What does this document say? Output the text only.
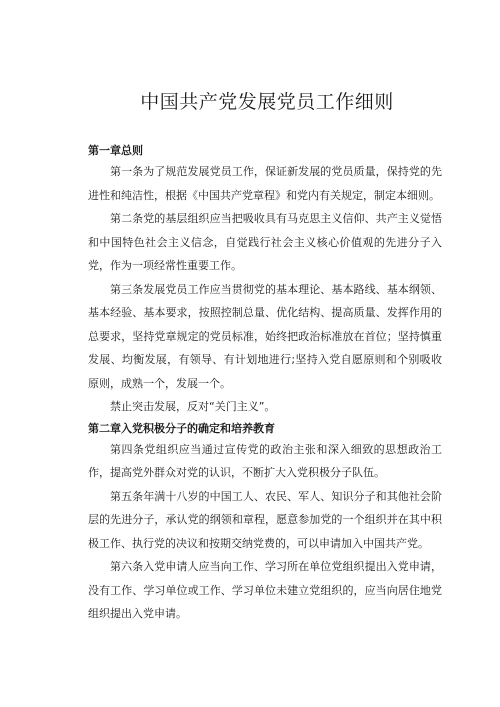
中国共产党发展党员工作细则

第一章总则

第一条为了规范发展党员工作，保证新发展的党员质量，保持党的先进性和纯洁性，根据《中国共产党章程》和党内有关规定，制定本细则。

第二条党的基层组织应当把吸收具有马克思主义信仰、共产主义觉悟和中国特色社会主义信念，自觉践行社会主义核心价值观的先进分子入党，作为一项经常性重要工作。

第三条发展党员工作应当贯彻党的基本理论、基本路线、基本纲领、基本经验、基本要求，按照控制总量、优化结构、提高质量、发挥作用的总要求，坚持党章规定的党员标准，始终把政治标准放在首位；坚持慎重发展、均衡发展，有领导、有计划地进行;坚持入党自愿原则和个别吸收原则，成熟一个，发展一个。

禁止突击发展，反对“关门主义”。

第二章入党积极分子的确定和培养教育

第四条党组织应当通过宣传党的政治主张和深入细致的思想政治工作，提高党外群众对党的认识，不断扩大入党积极分子队伍。

第五条年满十八岁的中国工人、农民、军人、知识分子和其他社会阶层的先进分子，承认党的纲领和章程，愿意参加党的一个组织并在其中积极工作、执行党的决议和按期交纳党费的，可以申请加入中国共产党。

第六条入党申请人应当向工作、学习所在单位党组织提出入党申请，没有工作、学习单位或工作、学习单位未建立党组织的，应当向居住地党组织提出入党申请。
